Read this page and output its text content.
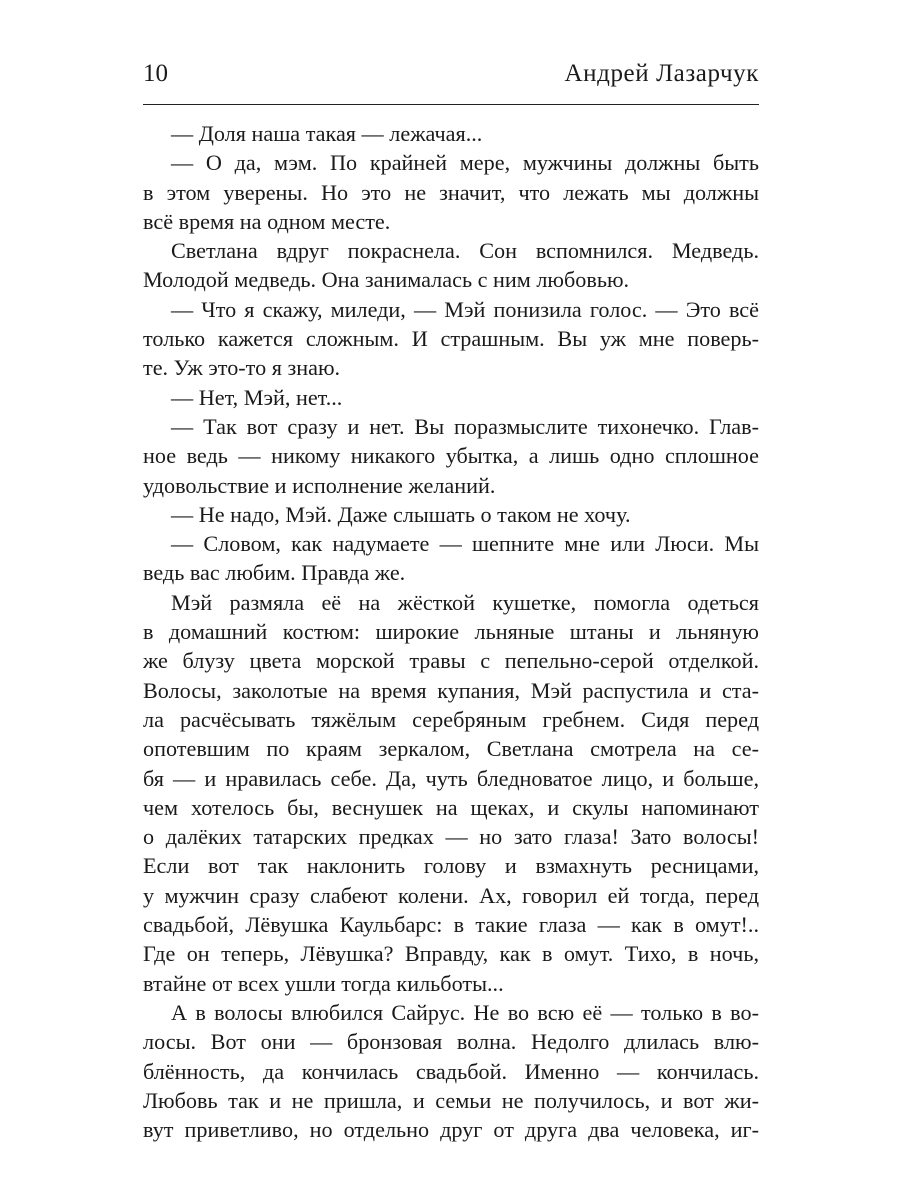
10	Андрей Лазарчук
— Доля наша такая — лежачая...
— О да, мэм. По крайней мере, мужчины должны быть
в этом уверены. Но это не значит, что лежать мы должны
всё время на одном месте.
Светлана вдруг покраснела. Сон вспомнился. Медведь.
Молодой медведь. Она занималась с ним любовью.
— Что я скажу, миледи, — Мэй понизила голос. — Это всё
только кажется сложным. И страшным. Вы уж мне поверь-
те. Уж это-то я знаю.
— Нет, Мэй, нет...
— Так вот сразу и нет. Вы поразмыслите тихонечко. Глав-
ное ведь — никому никакого убытка, а лишь одно сплошное
удовольствие и исполнение желаний.
— Не надо, Мэй. Даже слышать о таком не хочу.
— Словом, как надумаете — шепните мне или Люси. Мы
ведь вас любим. Правда же.
Мэй размяла её на жёсткой кушетке, помогла одеться
в домашний костюм: широкие льняные штаны и льняную
же блузу цвета морской травы с пепельно-серой отделкой.
Волосы, заколотые на время купания, Мэй распустила и ста-
ла расчёсывать тяжёлым серебряным гребнем. Сидя перед
опотевшим по краям зеркалом, Светлана смотрела на се-
бя — и нравилась себе. Да, чуть бледноватое лицо, и больше,
чем хотелось бы, веснушек на щеках, и скулы напоминают
о далёких татарских предках — но зато глаза! Зато волосы!
Если вот так наклонить голову и взмахнуть ресницами,
у мужчин сразу слабеют колени. Ах, говорил ей тогда, перед
свадьбой, Лёвушка Каульбарс: в такие глаза — как в омут!..
Где он теперь, Лёвушка? Вправду, как в омут. Тихо, в ночь,
втайне от всех ушли тогда кильботы...
А в волосы влюбился Сайрус. Не во всю её — только в во-
лосы. Вот они — бронзовая волна. Недолго длилась влю-
блённость, да кончилась свадьбой. Именно — кончилась.
Любовь так и не пришла, и семьи не получилось, и вот жи-
вут приветливо, но отдельно друг от друга два человека, иг-
